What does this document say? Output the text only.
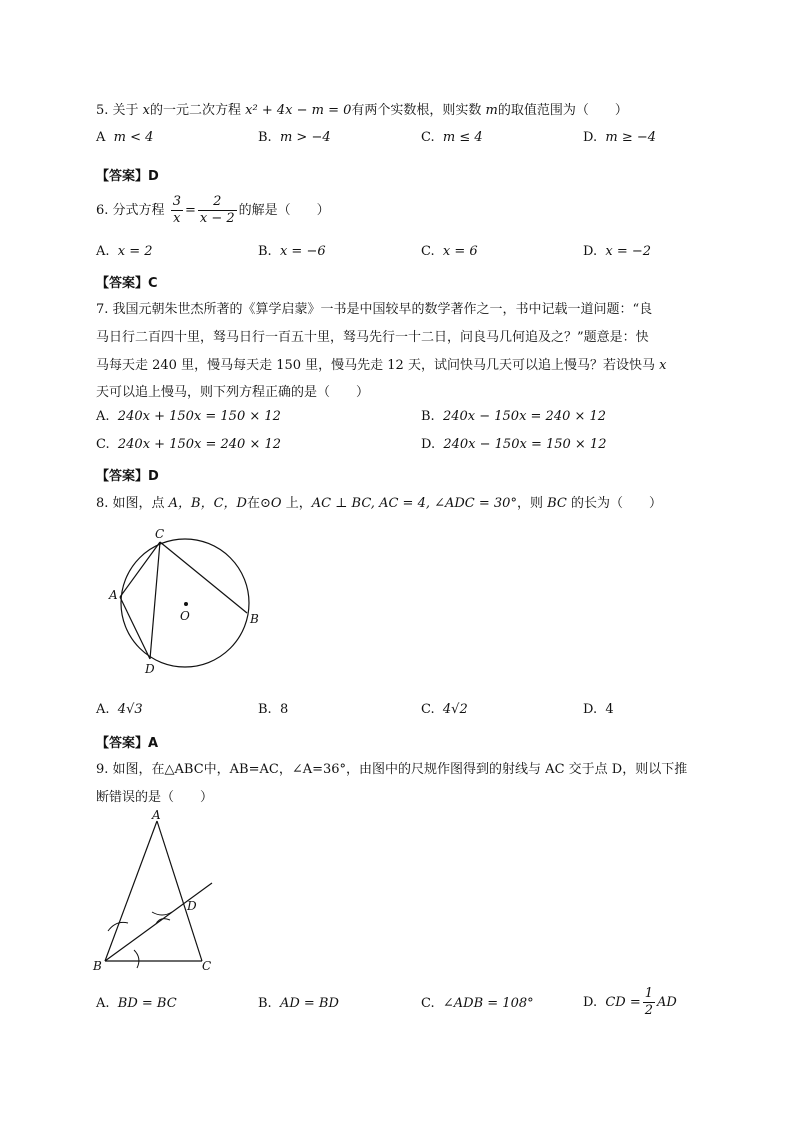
5. 关于 x的一元二次方程 x² + 4x − m = 0有两个实数根，则实数 m的取值范围为（　　）
A m < 4	B. m > −4	C. m ≤ 4	D. m ≥ −4
【答案】D
6. 分式方程 $\frac{3}{x} = \frac{2}{x - 2}$ 的解是（　　）
A. x = 2	B. x = −6	C. x = 6	D. x = −2
【答案】C
7. 我国元朝朱世杰所著的《算学启蒙》一书是中国较早的数学著作之一，书中记载一道问题：“良
马日行二百四十里，驽马日行一百五十里，驽马先行一十二日，问良马几何追及之？”题意是：快
马每天走 240 里，慢马每天走 150 里，慢马先走 12 天，试问快马几天可以追上慢马？若设快马 x
天可以追上慢马，则下列方程正确的是（　　）
A. 240x + 150x = 150 × 12	B. 240x − 150x = 240 × 12
C. 240x + 150x = 240 × 12	D. 240x − 150x = 150 × 12
【答案】D
8. 如图，点 A，B，C，D在⊙O 上，AC ⊥ BC, AC = 4, ∠ADC = 30°，则 BC 的长为（　　）
C
A
B
D
O
A. 4√3	B. 8	C. 4√2	D. 4
【答案】A
9. 如图，在△ABC中，AB=AC，∠A=36°，由图中的尺规作图得到的射线与 AC 交于点 D，则以下推
断错误的是（　　）
A
B	C
D
A. BD = BC	B. AD = BD	C. ∠ADB = 108°	D. CD = $\frac{1}{2}$ AD
